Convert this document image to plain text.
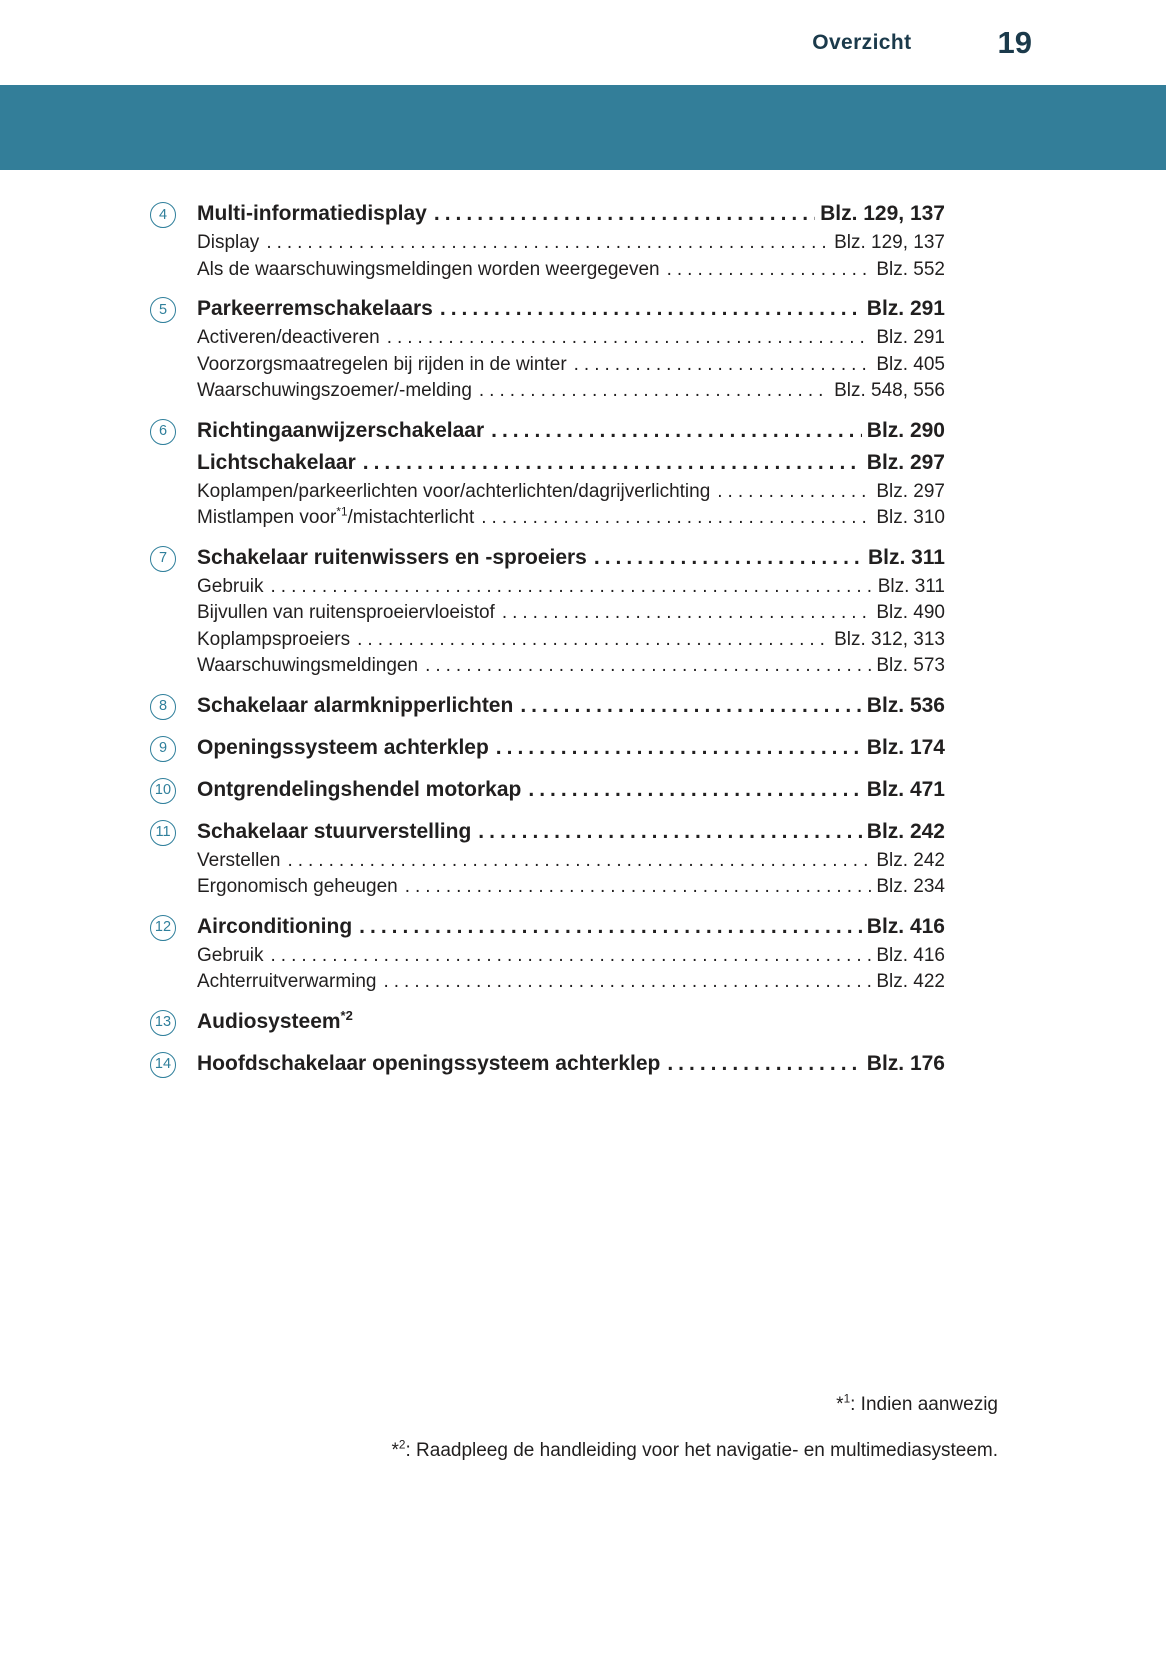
Overzicht	19
4	Multi-informatiedisplay .....	Blz. 129, 137
Display .....	Blz. 129, 137
Als de waarschuwingsmeldingen worden weergegeven .....	Blz. 552
5	Parkeerremschakelaars .....	Blz. 291
Activeren/deactiveren .....	Blz. 291
Voorzorgsmaatregelen bij rijden in de winter .....	Blz. 405
Waarschuwingszoemer/-melding .....	Blz. 548, 556
6	Richtingaanwijzerschakelaar .....	Blz. 290
Lichtschakelaar .....	Blz. 297
Koplampen/parkeerlichten voor/achterlichten/dagrijverlichting .....	Blz. 297
Mistlampen voor$^{*1}$/mistachterlicht .....	Blz. 310
7	Schakelaar ruitenwissers en -sproeiers .....	Blz. 311
Gebruik .....	Blz. 311
Bijvullen van ruitensproeiervloeistof .....	Blz. 490
Koplampsproeiers .....	Blz. 312, 313
Waarschuwingsmeldingen .....	Blz. 573
8	Schakelaar alarmknipperlichten .....	Blz. 536
9	Openingssysteem achterklep .....	Blz. 174
10	Ontgrendelingshendel motorkap .....	Blz. 471
11	Schakelaar stuurverstelling .....	Blz. 242
Verstellen .....	Blz. 242
Ergonomisch geheugen .....	Blz. 234
12	Airconditioning .....	Blz. 416
Gebruik .....	Blz. 416
Achterruitverwarming .....	Blz. 422
13	Audiosysteem$^{*2}$
14	Hoofdschakelaar openingssysteem achterklep .....	Blz. 176
*$^1$: Indien aanwezig
*$^2$: Raadpleeg de handleiding voor het navigatie- en multimediasysteem.
